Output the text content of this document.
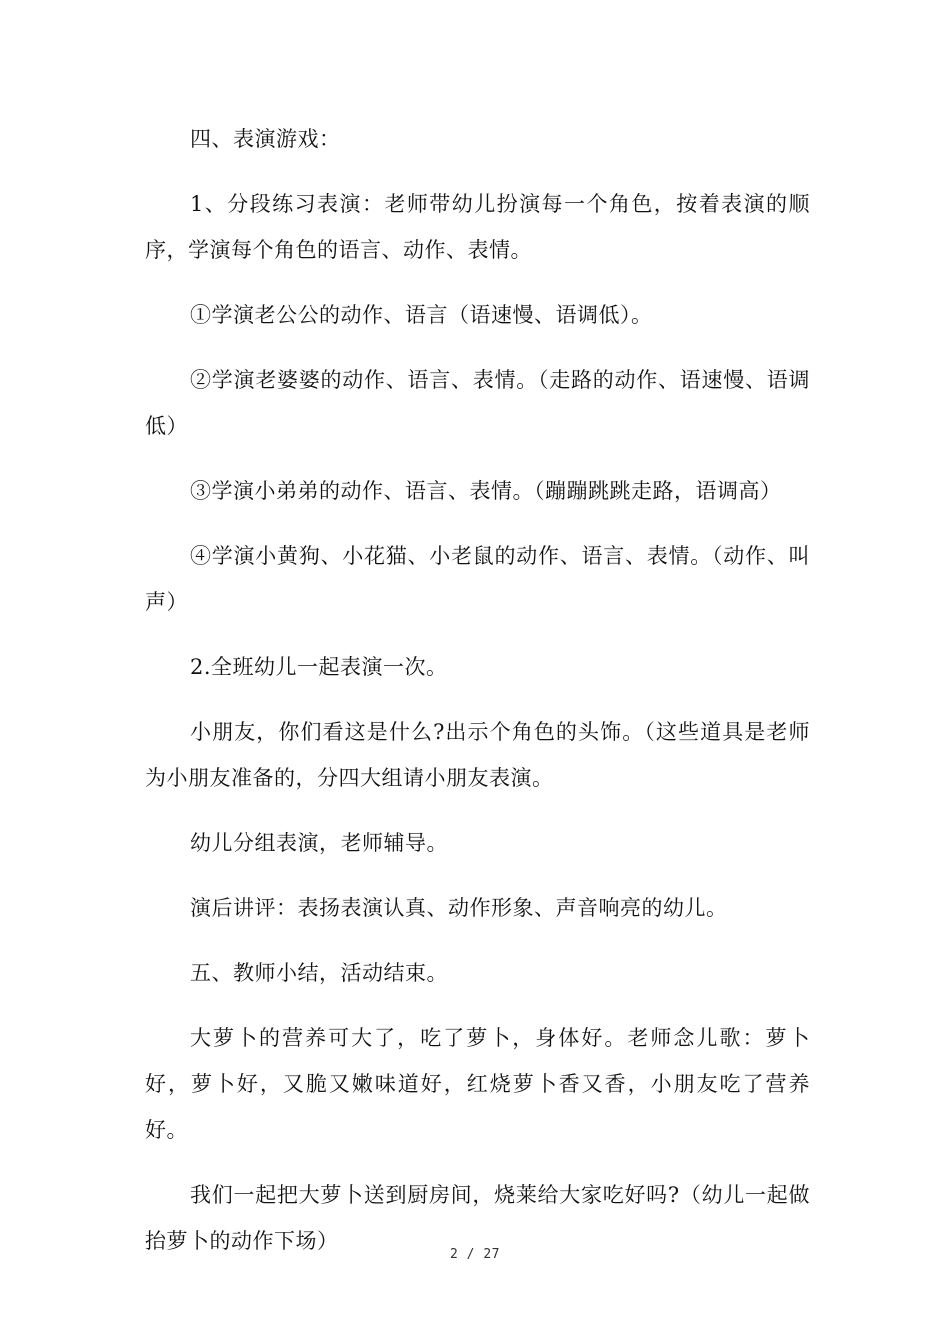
四、表演游戏：

1、分段练习表演：老师带幼儿扮演每一个角色，按着表演的顺序，学演每个角色的语言、动作、表情。

①学演老公公的动作、语言（语速慢、语调低）。

②学演老婆婆的动作、语言、表情。（走路的动作、语速慢、语调低）

③学演小弟弟的动作、语言、表情。（蹦蹦跳跳走路，语调高）

④学演小黄狗、小花猫、小老鼠的动作、语言、表情。（动作、叫声）

2.全班幼儿一起表演一次。

小朋友，你们看这是什么?出示个角色的头饰。（这些道具是老师为小朋友准备的，分四大组请小朋友表演。

幼儿分组表演，老师辅导。

演后讲评：表扬表演认真、动作形象、声音响亮的幼儿。

五、教师小结，活动结束。

大萝卜的营养可大了，吃了萝卜，身体好。老师念儿歌：萝卜好，萝卜好，又脆又嫩味道好，红烧萝卜香又香，小朋友吃了营养好。

我们一起把大萝卜送到厨房间，烧莱给大家吃好吗?（幼儿一起做抬萝卜的动作下场）

2 / 27
